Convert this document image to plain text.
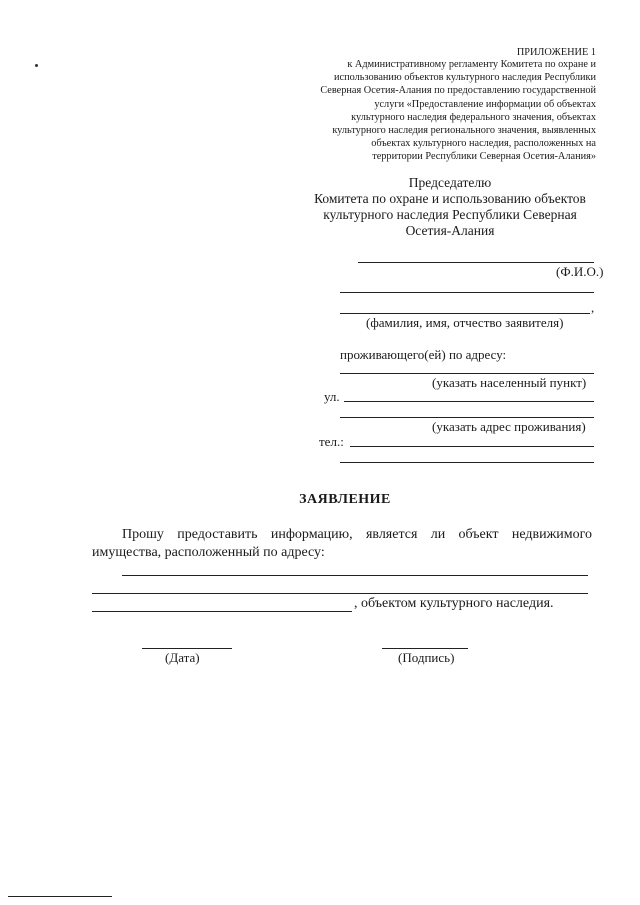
ПРИЛОЖЕНИЕ 1
к Административному регламенту Комитета по охране и
использованию объектов культурного наследия Республики
Северная Осетия-Алания по предоставлению государственной
услуги «Предоставление информации об объектах
культурного наследия федерального значения, объектах
культурного наследия регионального значения, выявленных
объектах культурного наследия, расположенных на
территории Республики Северная Осетия-Алания»
Председателю
Комитета по охране и использованию объектов
культурного наследия Республики Северная
Осетия-Алания
(Ф.И.О.)
,
(фамилия, имя, отчество заявителя)
проживающего(ей) по адресу:
(указать населенный пункт)
ул.
(указать адрес проживания)
тел.:
ЗАЯВЛЕНИЕ
Прошу предоставить информацию, является ли объект недвижимого имущества, расположенный по адресу:
, объектом культурного наследия.
(Дата)	(Подпись)
